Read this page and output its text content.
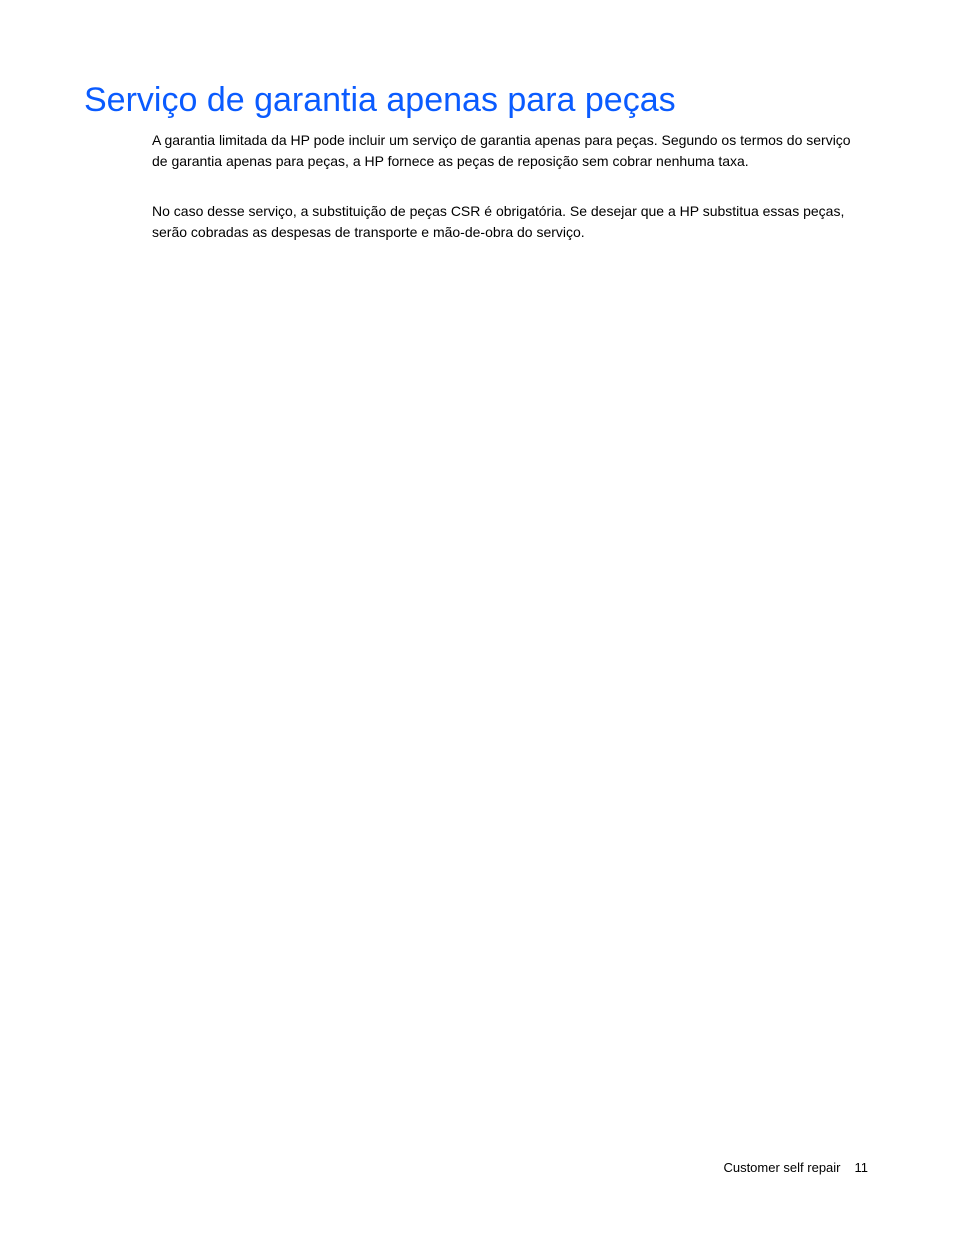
Serviço de garantia apenas para peças

A garantia limitada da HP pode incluir um serviço de garantia apenas para peças. Segundo os termos do serviço de garantia apenas para peças, a HP fornece as peças de reposição sem cobrar nenhuma taxa.

No caso desse serviço, a substituição de peças CSR é obrigatória. Se desejar que a HP substitua essas peças, serão cobradas as despesas de transporte e mão-de-obra do serviço.

Customer self repair 11
